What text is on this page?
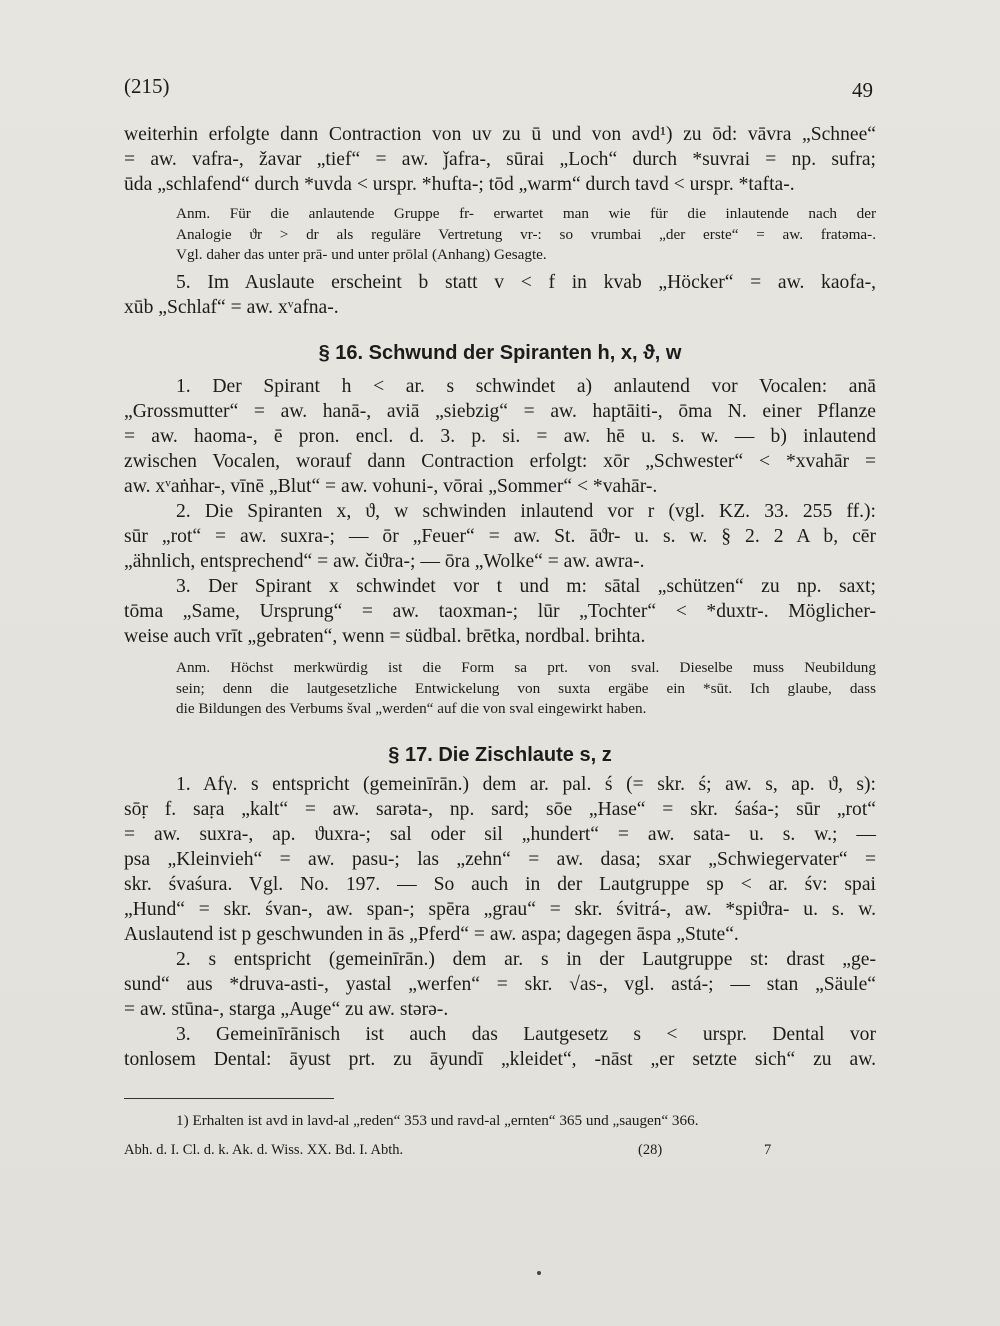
(215)	49
weiterhin erfolgte dann Contraction von uv zu ū und von avd¹) zu ōd: vāvra „Schnee“
= aw. vafra-, žavar „tief“ = aw. ǰafra-, sūrai „Loch“ durch *suvrai = np. sufra;
ūda „schlafend“ durch *uvda < urspr. *hufta-; tōd „warm“ durch tavd < urspr. *tafta-.
Anm. Für die anlautende Gruppe fr- erwartet man wie für die inlautende nach der
Analogie ϑr > dr als reguläre Vertretung vr-: so vrumbai „der erste“ = aw. fratəma-.
Vgl. daher das unter prā- und unter prōlal (Anhang) Gesagte.
5. Im Auslaute erscheint b statt v < f in kvab „Höcker“ = aw. kaofa-,
xūb „Schlaf“ = aw. xᵛafna-.
§ 16. Schwund der Spiranten h, x, ϑ, w
1. Der Spirant h < ar. s schwindet a) anlautend vor Vocalen: anā
„Grossmutter“ = aw. hanā-, aviā „siebzig“ = aw. haptāiti-, ōma N. einer Pflanze
= aw. haoma-, ē pron. encl. d. 3. p. si. = aw. hē u. s. w. — b) inlautend
zwischen Vocalen, worauf dann Contraction erfolgt: xōr „Schwester“ < *xvahār =
aw. xᵛaṅhar-, vīnē „Blut“ = aw. vohuni-, vōrai „Sommer“ < *vahār-.
2. Die Spiranten x, ϑ, w schwinden inlautend vor r (vgl. KZ. 33. 255 ff.):
sūr „rot“ = aw. suxra-; — ōr „Feuer“ = aw. St. āϑr- u. s. w. § 2. 2 A b, cēr
„ähnlich, entsprechend“ = aw. čiϑra-; — ōra „Wolke“ = aw. awra-.
3. Der Spirant x schwindet vor t und m: sātal „schützen“ zu np. saxt;
tōma „Same, Ursprung“ = aw. taoxman-; lūr „Tochter“ < *duxtr-. Möglicher-
weise auch vrīt „gebraten“, wenn = südbal. brētka, nordbal. brihta.
Anm. Höchst merkwürdig ist die Form sa prt. von sval. Dieselbe muss Neubildung
sein; denn die lautgesetzliche Entwickelung von suxta ergäbe ein *sūt. Ich glaube, dass
die Bildungen des Verbums šval „werden“ auf die von sval eingewirkt haben.
§ 17. Die Zischlaute s, z
1. Afγ. s entspricht (gemeinīrān.) dem ar. pal. ś (= skr. ś; aw. s, ap. ϑ, s):
sōṛ f. saṛa „kalt“ = aw. sarəta-, np. sard; sōe „Hase“ = skr. śaśa-; sūr „rot“
= aw. suxra-, ap. ϑuxra-; sal oder sil „hundert“ = aw. sata- u. s. w.; —
psa „Kleinvieh“ = aw. pasu-; las „zehn“ = aw. dasa; sxar „Schwiegervater“ =
skr. śvaśura. Vgl. No. 197. — So auch in der Lautgruppe sp < ar. śv: spai
„Hund“ = skr. śvan-, aw. span-; spēra „grau“ = skr. śvitrá-, aw. *spiϑra- u. s. w.
Auslautend ist p geschwunden in ās „Pferd“ = aw. aspa; dagegen āspa „Stute“.
2. s entspricht (gemeinīrān.) dem ar. s in der Lautgruppe st: drast „ge-
sund“ aus *druva-asti-, yastal „werfen“ = skr. √as-, vgl. astá-; — stan „Säule“
= aw. stūna-, starga „Auge“ zu aw. stərə-.
3. Gemeinīrānisch ist auch das Lautgesetz s < urspr. Dental vor
tonlosem Dental: āyust prt. zu āyundī „kleidet“, -nāst „er setzte sich“ zu aw.
1) Erhalten ist avd in lavd-al „reden“ 353 und ravd-al „ernten“ 365 und „saugen“ 366.
Abh. d. I. Cl. d. k. Ak. d. Wiss. XX. Bd. I. Abth.	(28)	7
